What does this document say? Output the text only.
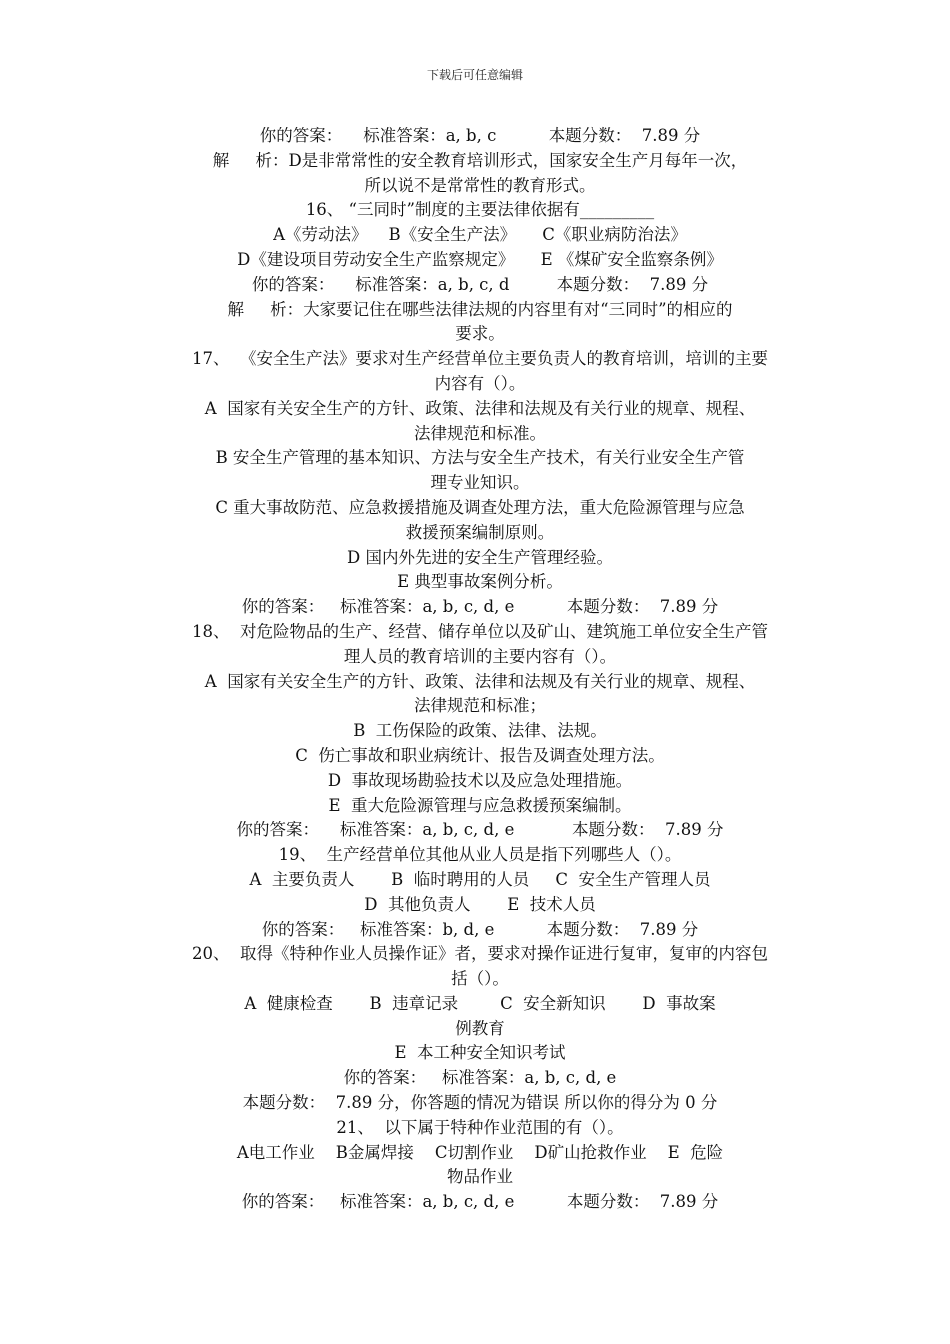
下载后可任意编辑
你的答案：    标准答案：a, b, c          本题分数：  7.89 分
解     析：D是非常常性的安全教育培训形式，国家安全生产月每年一次，
所以说不是常常性的教育形式。
16、 “三同时”制度的主要法律依据有_________
A《劳动法》    B《安全生产法》     C《职业病防治法》
D《建设项目劳动安全生产监察规定》     E 《煤矿安全监察条例》
你的答案：    标准答案：a, b, c, d         本题分数：  7.89 分
解     析：大家要记住在哪些法律法规的内容里有对“三同时”的相应的
要求。
17、  《安全生产法》要求对生产经营单位主要负责人的教育培训，培训的主要
内容有（）。
A  国家有关安全生产的方针、政策、法律和法规及有关行业的规章、规程、
法律规范和标准。
B 安全生产管理的基本知识、方法与安全生产技术，有关行业安全生产管
理专业知识。
C 重大事故防范、应急救援措施及调查处理方法，重大危险源管理与应急
救援预案编制原则。
D 国内外先进的安全生产管理经验。
E 典型事故案例分析。
你的答案：   标准答案：a, b, c, d, e          本题分数：  7.89 分
18、  对危险物品的生产、经营、储存单位以及矿山、建筑施工单位安全生产管
理人员的教育培训的主要内容有（）。
A  国家有关安全生产的方针、政策、法律和法规及有关行业的规章、规程、
法律规范和标准；
B  工伤保险的政策、法律、法规。
C  伤亡事故和职业病统计、报告及调查处理方法。
D  事故现场勘验技术以及应急处理措施。
E  重大危险源管理与应急救援预案编制。
你的答案：    标准答案：a, b, c, d, e           本题分数：  7.89 分
19、  生产经营单位其他从业人员是指下列哪些人（）。
A  主要负责人       B  临时聘用的人员     C  安全生产管理人员
D  其他负责人       E  技术人员
你的答案：   标准答案：b, d, e          本题分数：  7.89 分
20、  取得《特种作业人员操作证》者，要求对操作证进行复审，复审的内容包
括（）。
A  健康检查       B  违章记录        C  安全新知识       D  事故案
例教育
E  本工种安全知识考试
你的答案：   标准答案：a, b, c, d, e
本题分数：  7.89 分，你答题的情况为错误 所以你的得分为 0 分
21、  以下属于特种作业范围的有（）。
A电工作业    B金属焊接    C切割作业    D矿山抢救作业    E  危险
物品作业
你的答案：   标准答案：a, b, c, d, e          本题分数：  7.89 分
